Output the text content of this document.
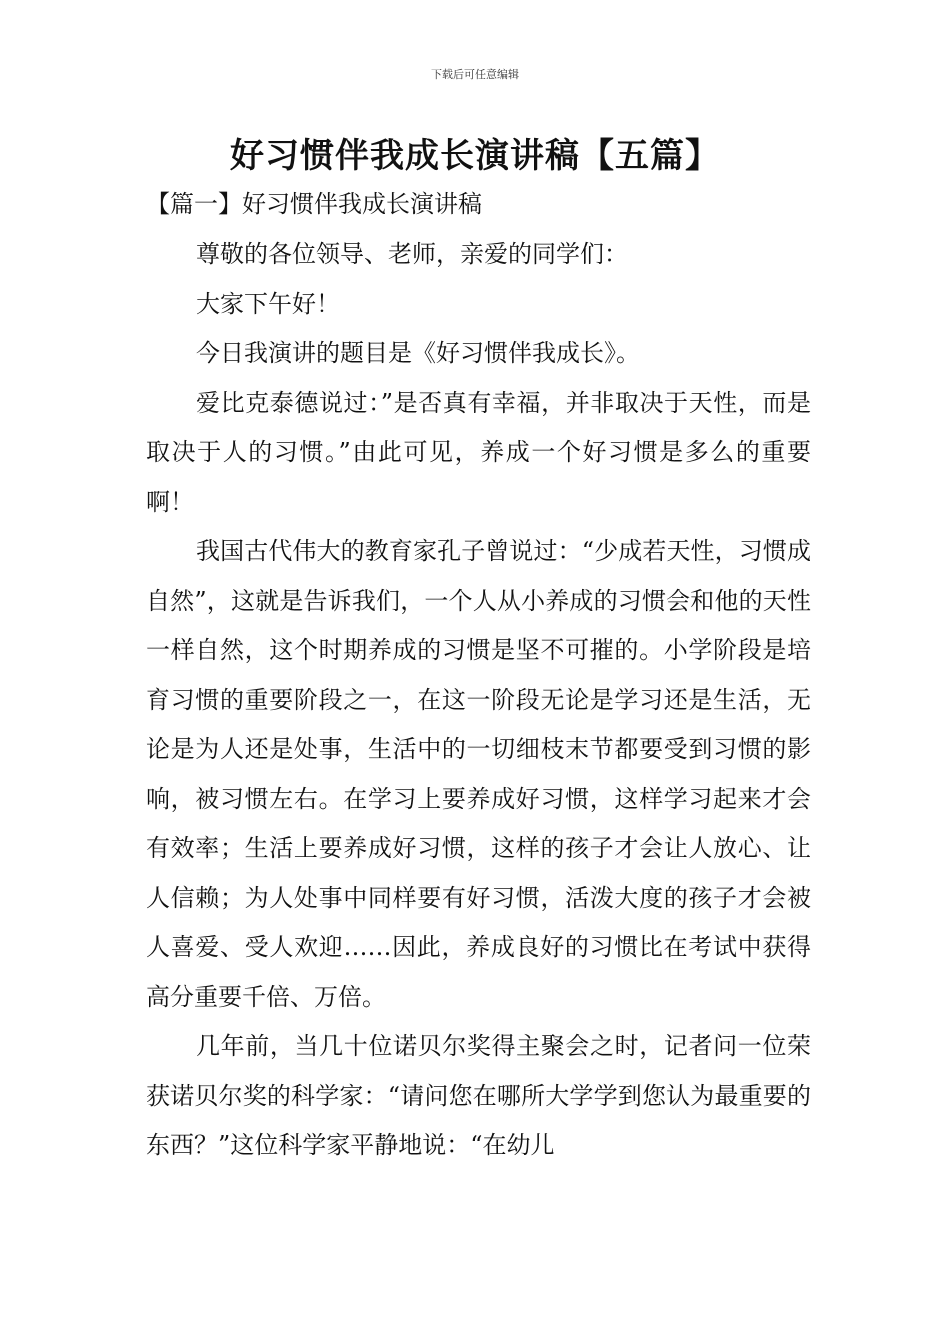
下载后可任意编辑
好习惯伴我成长演讲稿【五篇】
【篇一】好习惯伴我成长演讲稿

尊敬的各位领导、老师，亲爱的同学们：

大家下午好！

今日我演讲的题目是《好习惯伴我成长》。

爱比克泰德说过：”是否真有幸福，并非取决于天性，而是取决于人的习惯。”由此可见，养成一个好习惯是多么的重要啊！

我国古代伟大的教育家孔子曾说过：“少成若天性，习惯成自然”，这就是告诉我们，一个人从小养成的习惯会和他的天性一样自然，这个时期养成的习惯是坚不可摧的。小学阶段是培育习惯的重要阶段之一，在这一阶段无论是学习还是生活，无论是为人还是处事，生活中的一切细枝末节都要受到习惯的影响，被习惯左右。在学习上要养成好习惯，这样学习起来才会有效率；生活上要养成好习惯，这样的孩子才会让人放心、让人信赖；为人处事中同样要有好习惯，活泼大度的孩子才会被人喜爱、受人欢迎……因此，养成良好的习惯比在考试中获得高分重要千倍、万倍。

几年前，当几十位诺贝尔奖得主聚会之时，记者问一位荣获诺贝尔奖的科学家：“请问您在哪所大学学到您认为最重要的东西？”这位科学家平静地说：“在幼儿
